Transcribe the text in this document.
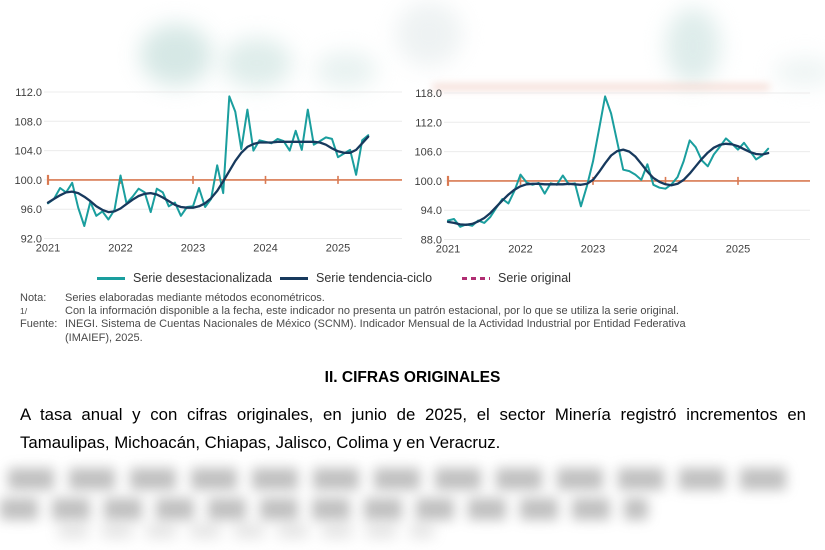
112.0
108.0
104.0
100.0
96.0
92.0
2021	2022	2023	2024	2025
118.0
112.0
106.0
100.0
94.0
88.0
2021	2022	2023	2024	2025
Serie desestacionalizada	Serie tendencia-ciclo	Serie original
Nota:	Series elaboradas mediante métodos econométricos.
1/	Con la información disponible a la fecha, este indicador no presenta un patrón estacional, por lo que se utiliza la serie original.
Fuente: INEGI. Sistema de Cuentas Nacionales de México (SCNM). Indicador Mensual de la Actividad Industrial por Entidad Federativa
(IMAIEF), 2025.
II. CIFRAS ORIGINALES
A tasa anual y con cifras originales, en junio de 2025, el sector Minería registró incrementos en Tamaulipas, Michoacán, Chiapas, Jalisco, Colima y en Veracruz.
